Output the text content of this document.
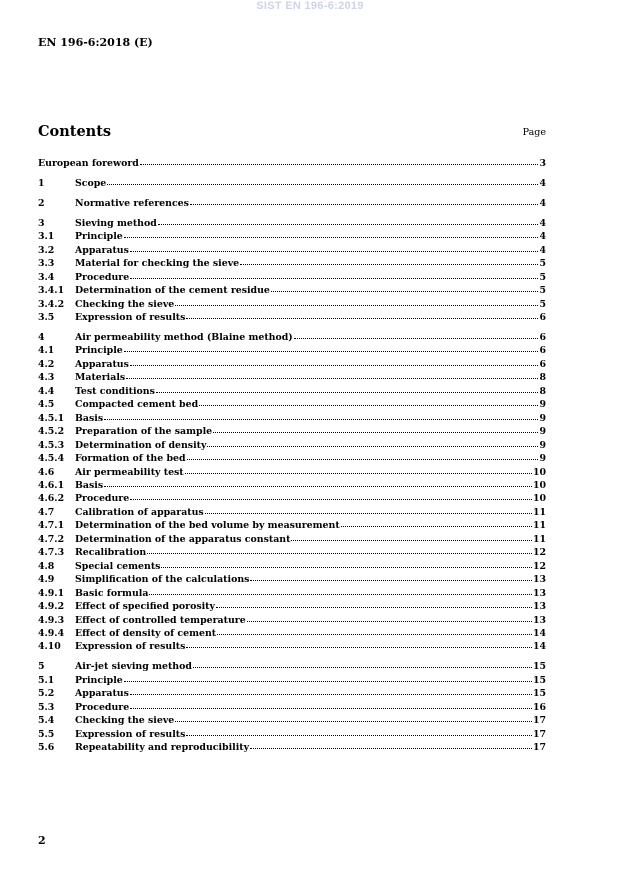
SIST EN 196-6:2019
EN 196-6:2018 (E)
Contents	Page
European foreword	3
1	Scope	4
2	Normative references	4
3	Sieving method	4
3.1	Principle	4
3.2	Apparatus	4
3.3	Material for checking the sieve	5
3.4	Procedure	5
3.4.1	Determination of the cement residue	5
3.4.2	Checking the sieve	5
3.5	Expression of results	6
4	Air permeability method (Blaine method)	6
4.1	Principle	6
4.2	Apparatus	6
4.3	Materials	8
4.4	Test conditions	8
4.5	Compacted cement bed	9
4.5.1	Basis	9
4.5.2	Preparation of the sample	9
4.5.3	Determination of density	9
4.5.4	Formation of the bed	9
4.6	Air permeability test	10
4.6.1	Basis	10
4.6.2	Procedure	10
4.7	Calibration of apparatus	11
4.7.1	Determination of the bed volume by measurement	11
4.7.2	Determination of the apparatus constant	11
4.7.3	Recalibration	12
4.8	Special cements	12
4.9	Simplification of the calculations	13
4.9.1	Basic formula	13
4.9.2	Effect of specified porosity	13
4.9.3	Effect of controlled temperature	13
4.9.4	Effect of density of cement	14
4.10	Expression of results	14
5	Air-jet sieving method	15
5.1	Principle	15
5.2	Apparatus	15
5.3	Procedure	16
5.4	Checking the sieve	17
5.5	Expression of results	17
5.6	Repeatability and reproducibility	17
2
